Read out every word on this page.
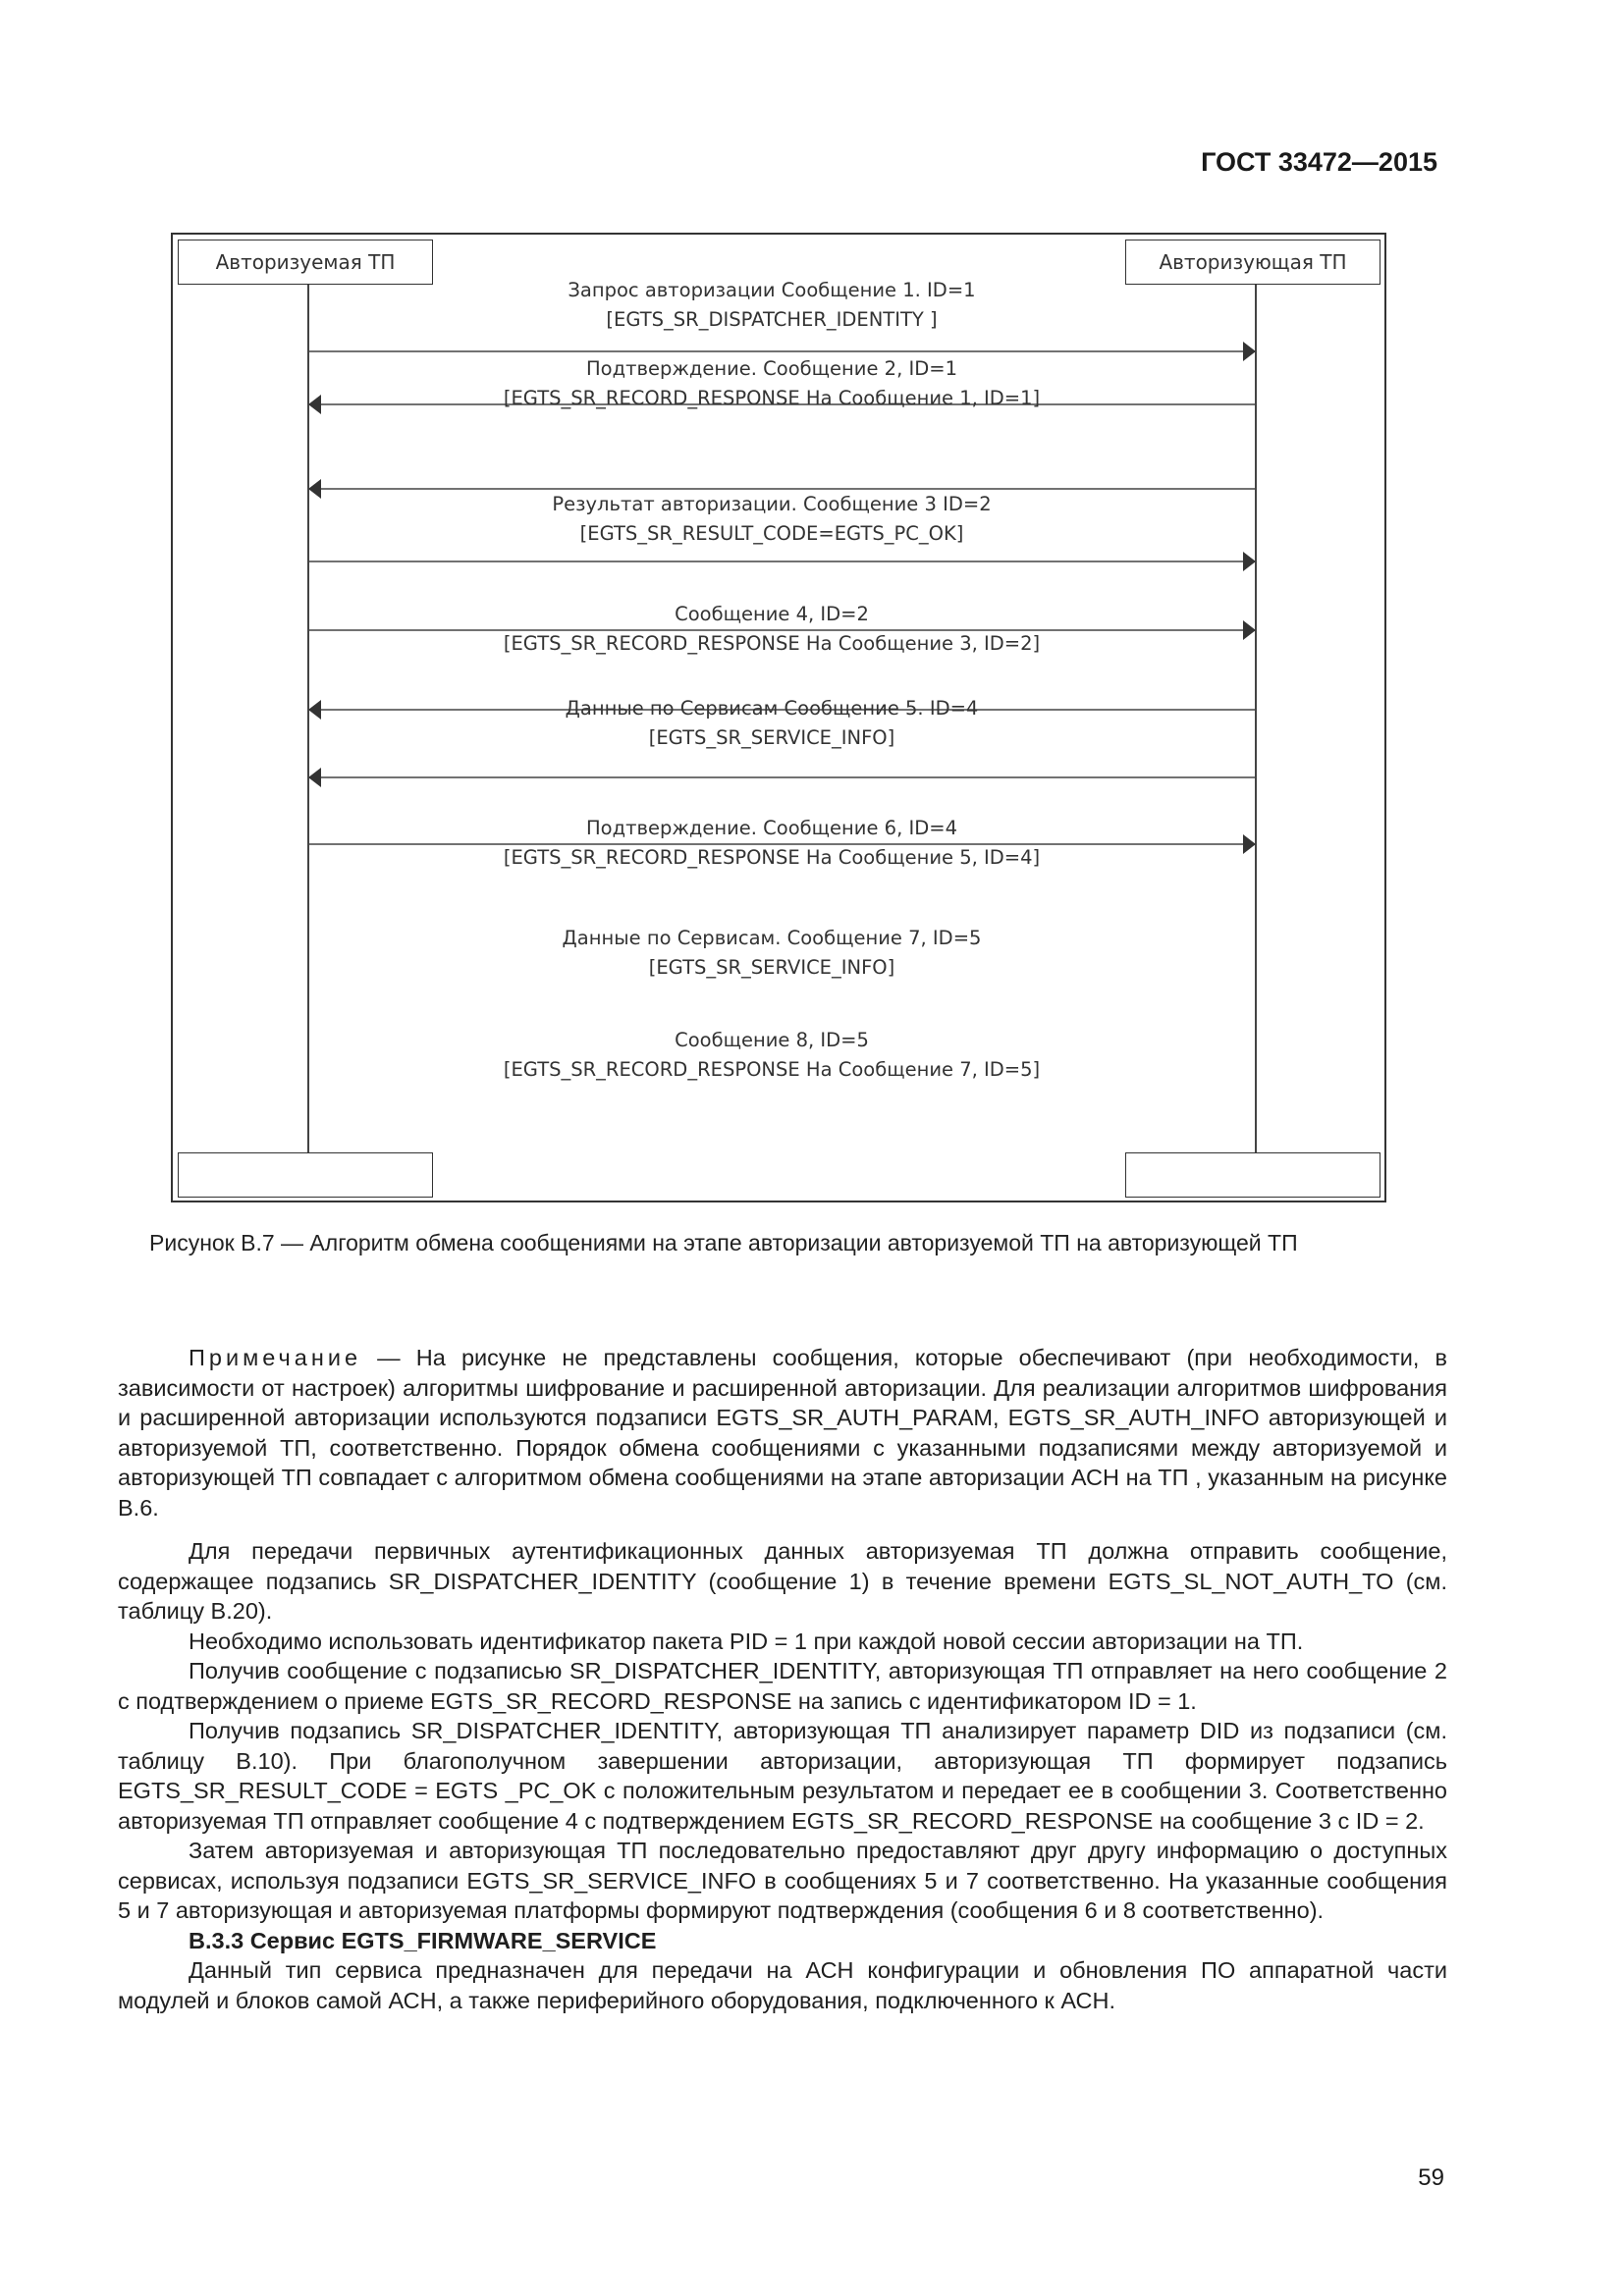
ГОСТ 33472—2015
Авторизуемая ТП	Авторизующая ТП
Запрос авторизации Сообщение 1. ID=1
[EGTS_SR_DISPATCHER_IDENTITY ]
Подтверждение. Сообщение 2, ID=1
[EGTS_SR_RECORD_RESPONSE На Сообщение 1, ID=1]
Результат авторизации. Сообщение 3 ID=2
[EGTS_SR_RESULT_CODE=EGTS_PC_OK]
Сообщение 4, ID=2
[EGTS_SR_RECORD_RESPONSE На Сообщение 3, ID=2]
Данные по Сервисам Сообщение 5. ID=4
[EGTS_SR_SERVICE_INFO]
Подтверждение. Сообщение 6, ID=4
[EGTS_SR_RECORD_RESPONSE На Сообщение 5, ID=4]
Данные по Сервисам. Сообщение 7, ID=5
[EGTS_SR_SERVICE_INFO]
Сообщение 8, ID=5
[EGTS_SR_RECORD_RESPONSE На Сообщение 7, ID=5]
Рисунок В.7 — Алгоритм обмена сообщениями на этапе авторизации авторизуемой ТП на авторизующей ТП

Примечание — На рисунке не представлены сообщения, которые обеспечивают (при необходимости, в зависимости от настроек) алгоритмы шифрование и расширенной авторизации. Для реализации алгоритмов шифрования и расширенной авторизации используются подзаписи EGTS_SR_AUTH_PARAM, EGTS_SR_AUTH_INFO авторизующей и авторизуемой ТП, соответственно. Порядок обмена сообщениями с указанными подзаписями между авторизуемой и авторизующей ТП совпадает с алгоритмом обмена сообщениями на этапе авторизации АСН на ТП , указанным на рисунке В.6.

Для передачи первичных аутентификационных данных авторизуемая ТП должна отправить сообщение, содержащее подзапись SR_DISPATCHER_IDENTITY (сообщение 1) в течение времени EGTS_SL_NOT_AUTH_TO (см. таблицу В.20).

Необходимо использовать идентификатор пакета PID = 1 при каждой новой сессии авторизации на ТП.

Получив сообщение с подзаписью SR_DISPATCHER_IDENTITY, авторизующая ТП отправляет на него сообщение 2 с подтверждением о приеме EGTS_SR_RECORD_RESPONSE на запись с идентификатором ID = 1.

Получив подзапись SR_DISPATCHER_IDENTITY, авторизующая ТП анализирует параметр DID из подзаписи (см. таблицу В.10). При благополучном завершении авторизации, авторизующая ТП формирует подзапись EGTS_SR_RESULT_CODE = EGTS _PC_OK с положительным результатом и передает ее в сообщении 3. Соответственно авторизуемая ТП отправляет сообщение 4 с подтверждением EGTS_SR_RECORD_RESPONSE на сообщение 3 с ID = 2.

Затем авторизуемая и авторизующая ТП последовательно предоставляют друг другу информацию о доступных сервисах, используя подзаписи EGTS_SR_SERVICE_INFO в сообщениях 5 и 7 соответственно. На указанные сообщения 5 и 7 авторизующая и авторизуемая платформы формируют подтверждения (сообщения 6 и 8 соответственно).

В.3.3 Сервис EGTS_FIRMWARE_SERVICE

Данный тип сервиса предназначен для передачи на АСН конфигурации и обновления ПО аппаратной части модулей и блоков самой АСН, а также периферийного оборудования, подключенного к АСН.

59
